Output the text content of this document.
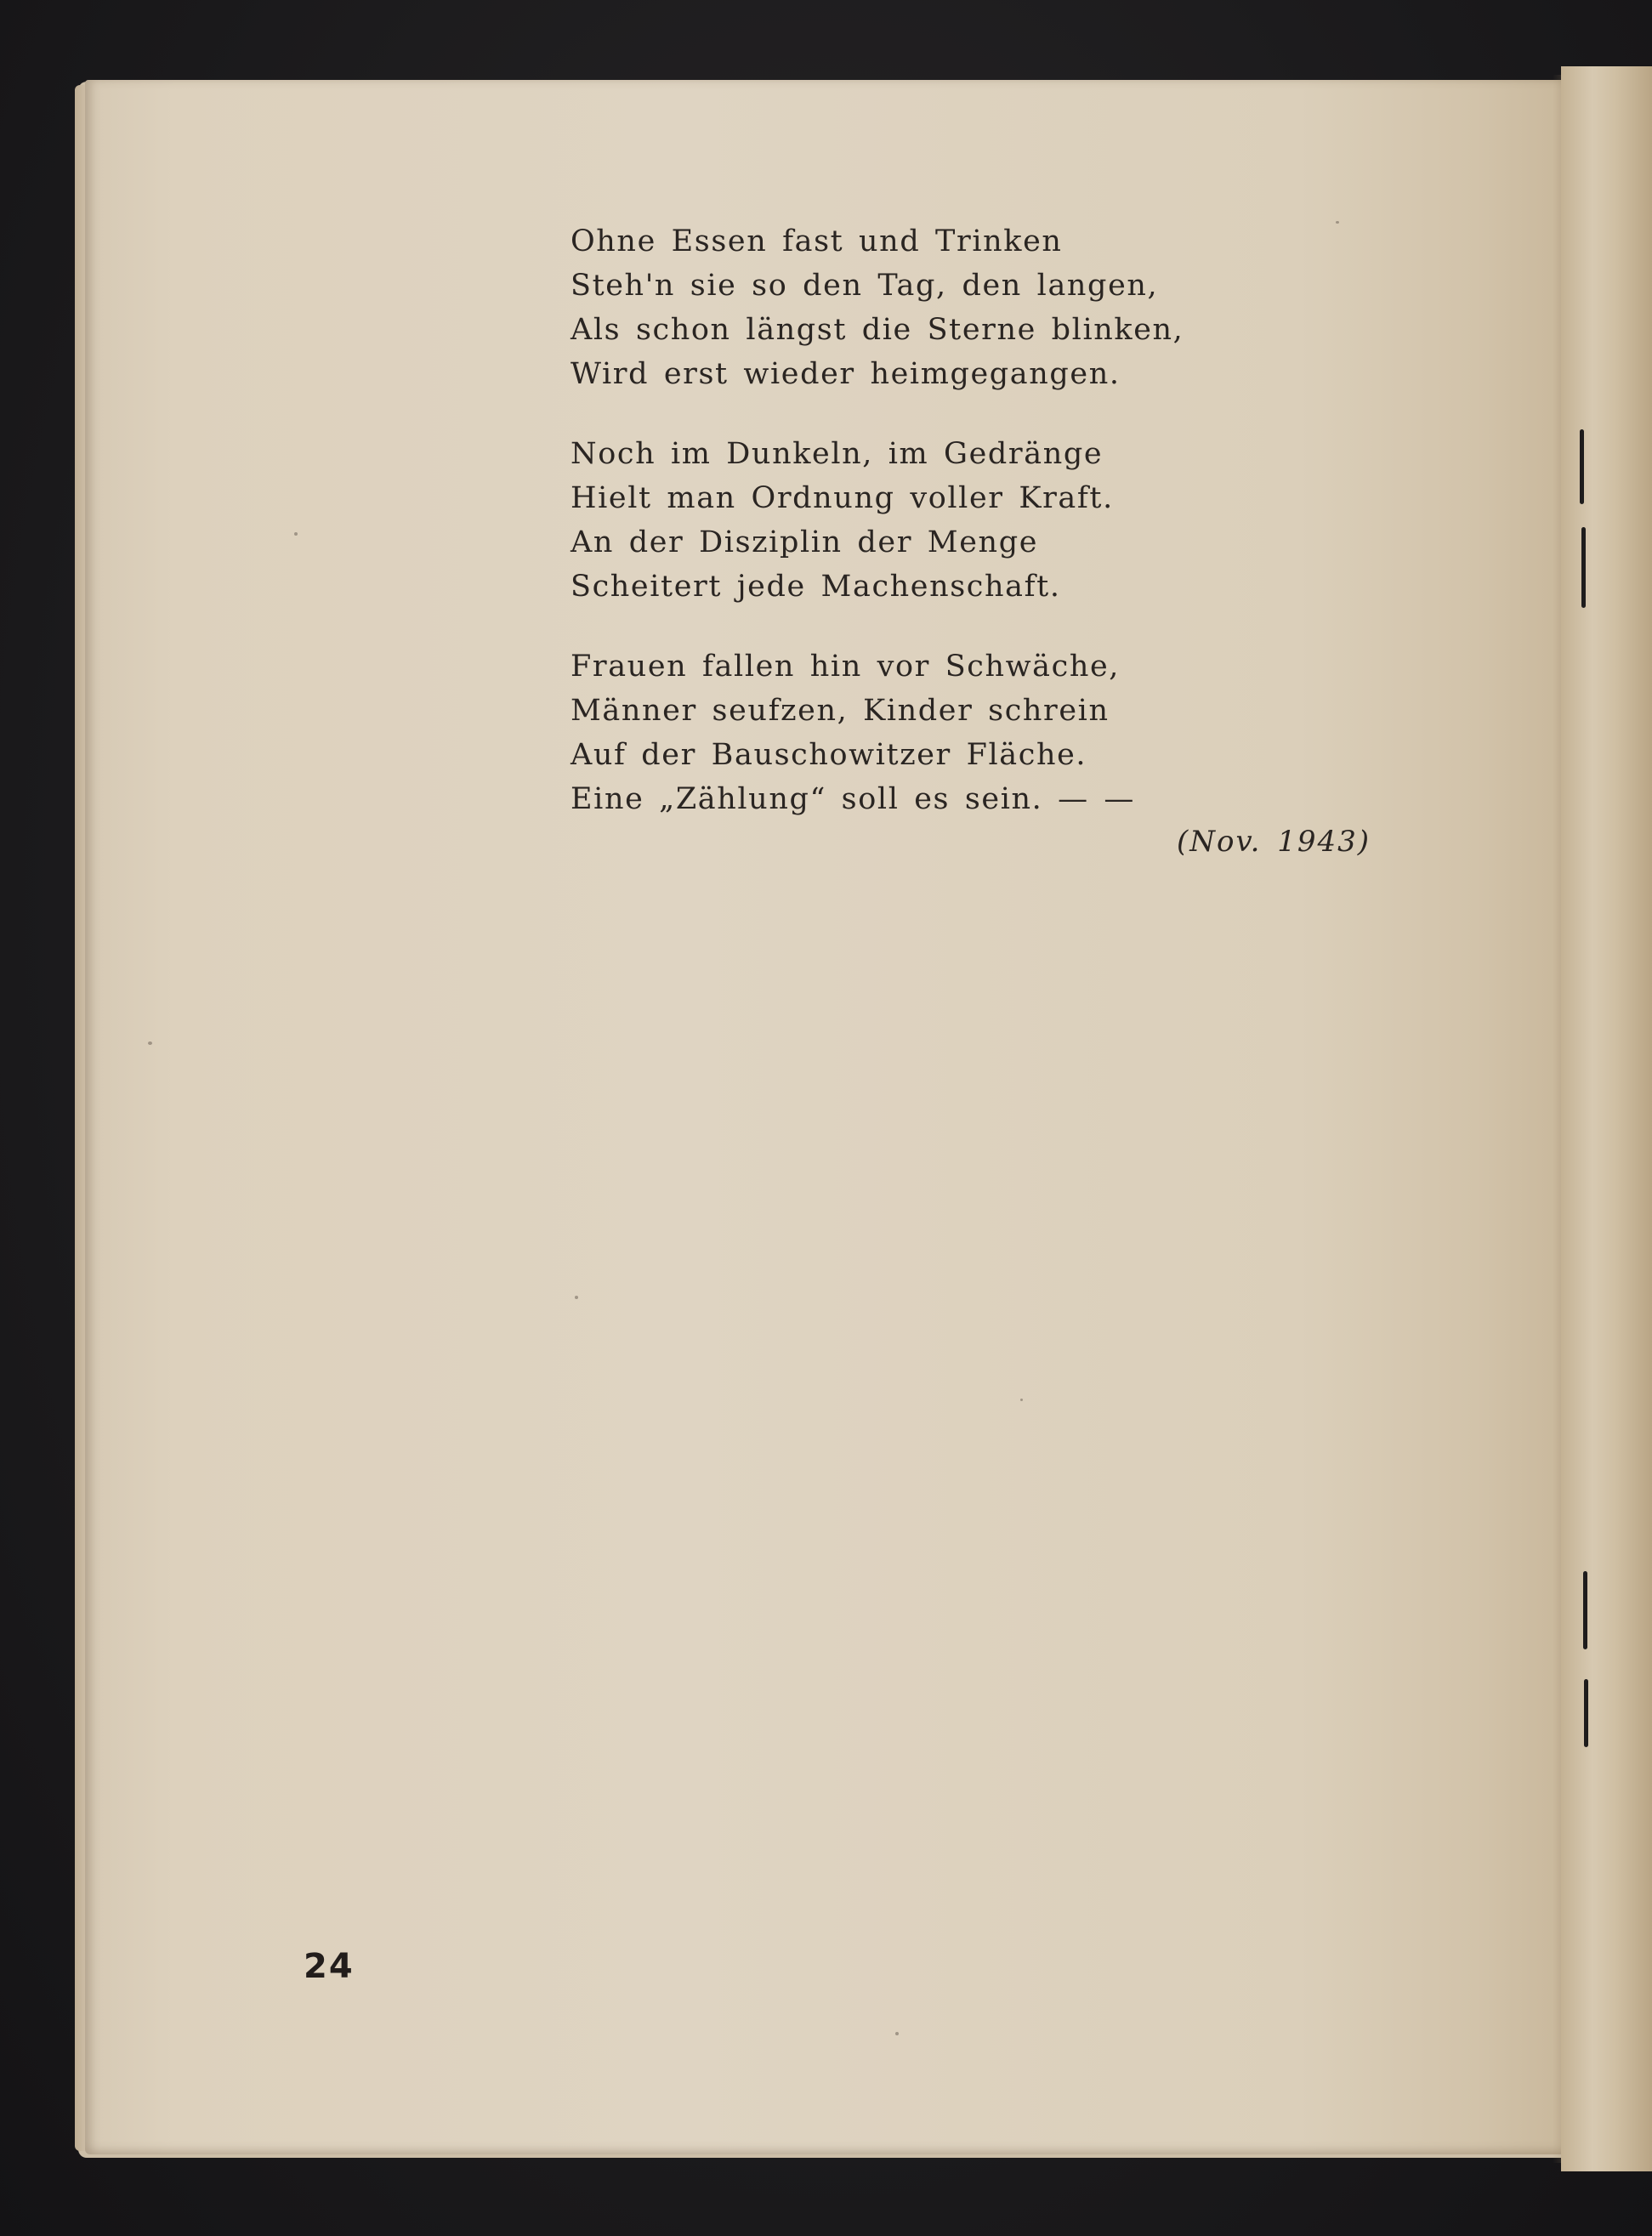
Ohne Essen fast und Trinken
Steh'n sie so den Tag, den langen,
Als schon längst die Sterne blinken,
Wird erst wieder heimgegangen.
Noch im Dunkeln, im Gedränge
Hielt man Ordnung voller Kraft.
An der Disziplin der Menge
Scheitert jede Machenschaft.
Frauen fallen hin vor Schwäche,
Männer seufzen, Kinder schrein
Auf der Bauschowitzer Fläche.
Eine „Zählung“ soll es sein. — —
(Nov. 1943)
24
